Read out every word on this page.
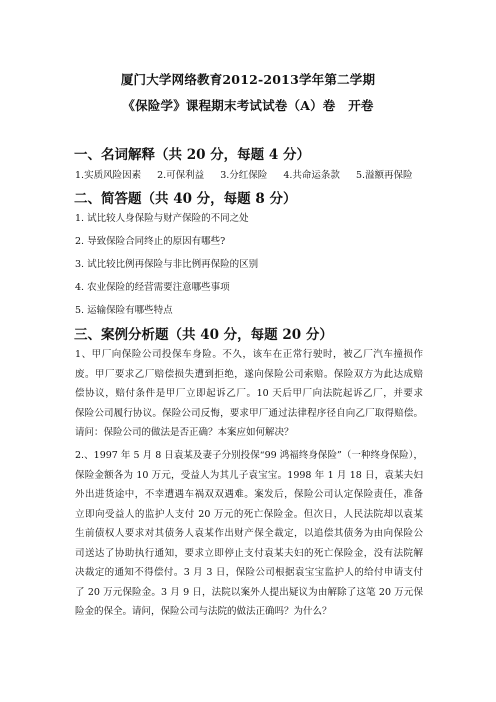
厦门大学网络教育2012-2013学年第二学期
《保险学》课程期末考试试卷（A）卷　开卷
一、名词解释（共 20 分，每题 4 分）
1.实质风险因素 2.可保利益 3.分红保险 4.共命运条款 5.溢额再保险
二、简答题（共 40 分，每题 8 分）
1. 试比较人身保险与财产保险的不同之处
2. 导致保险合同终止的原因有哪些?
3. 试比较比例再保险与非比例再保险的区别
4. 农业保险的经营需要注意哪些事项
5. 运输保险有哪些特点
三、案例分析题（共 40 分，每题 20 分）
1、甲厂向保险公司投保车身险。不久，该车在正常行驶时，被乙厂汽车撞损作
废。甲厂要求乙厂赔偿损失遭到拒绝，遂向保险公司索赔。保险双方为此达成赔
偿协议，赔付条件是甲厂立即起诉乙厂。10 天后甲厂向法院起诉乙厂，并要求
保险公司履行协议。保险公司反悔，要求甲厂通过法律程序径自向乙厂取得赔偿。
请问：保险公司的做法是否正确？本案应如何解决？
2.、1997 年 5 月 8 日袁某及妻子分别投保“99 鸿福终身保险”（一种终身保险），
保险金额各为 10 万元，受益人为其儿子袁宝宝。1998 年 1 月 18 日，袁某夫妇
外出进货途中，不幸遭遇车祸双双遇难。案发后，保险公司认定保险责任，准备
立即向受益人的监护人支付 20 万元的死亡保险金。但次日，人民法院却以袁某
生前债权人要求对其债务人袁某作出财产保全裁定，以追偿其债务为由向保险公
司送达了协助执行通知，要求立即停止支付袁某夫妇的死亡保险金，没有法院解
决裁定的通知不得偿付。3 月 3 日，保险公司根据袁宝宝监护人的给付申请支付
了 20 万元保险金。3 月 9 日，法院以案外人提出疑议为由解除了这笔 20 万元保
险金的保全。请问，保险公司与法院的做法正确吗？为什么？
